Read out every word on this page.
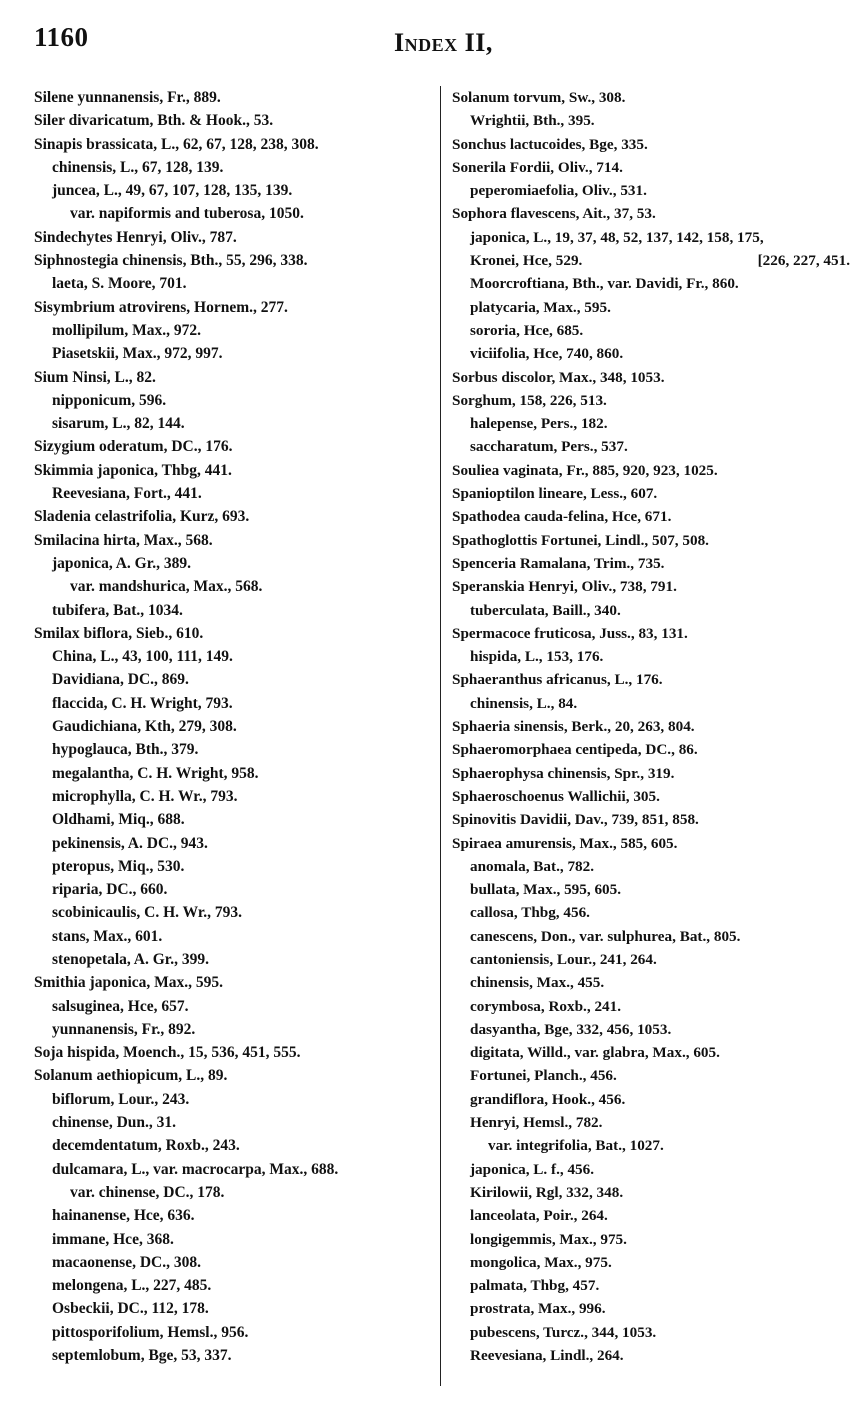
1160	Index II,
Silene yunnanensis, Fr., 889.
Siler divaricatum, Bth. & Hook., 53.
Sinapis brassicata, L., 62, 67, 128, 238, 308.
chinensis, L., 67, 128, 139.
juncea, L., 49, 67, 107, 128, 135, 139.
var. napiformis and tuberosa, 1050.
Sindechytes Henryi, Oliv., 787.
Siphnostegia chinensis, Bth., 55, 296, 338.
laeta, S. Moore, 701.
Sisymbrium atrovirens, Hornem., 277.
mollipilum, Max., 972.
Piasetskii, Max., 972, 997.
Sium Ninsi, L., 82.
nipponicum, 596.
sisarum, L., 82, 144.
Sizygium oderatum, DC., 176.
Skimmia japonica, Thbg, 441.
Reevesiana, Fort., 441.
Sladenia celastrifolia, Kurz, 693.
Smilacina hirta, Max., 568.
japonica, A. Gr., 389.
var. mandshurica, Max., 568.
tubifera, Bat., 1034.
Smilax biflora, Sieb., 610.
China, L., 43, 100, 111, 149.
Davidiana, DC., 869.
flaccida, C. H. Wright, 793.
Gaudichiana, Kth, 279, 308.
hypoglauca, Bth., 379.
megalantha, C. H. Wright, 958.
microphylla, C. H. Wr., 793.
Oldhami, Miq., 688.
pekinensis, A. DC., 943.
pteropus, Miq., 530.
riparia, DC., 660.
scobinicaulis, C. H. Wr., 793.
stans, Max., 601.
stenopetala, A. Gr., 399.
Smithia japonica, Max., 595.
salsuginea, Hce, 657.
yunnanensis, Fr., 892.
Soja hispida, Moench., 15, 536, 451, 555.
Solanum aethiopicum, L., 89.
biflorum, Lour., 243.
chinense, Dun., 31.
decemdentatum, Roxb., 243.
dulcamara, L., var. macrocarpa, Max., 688.
var. chinense, DC., 178.
hainanense, Hce, 636.
immane, Hce, 368.
macaonense, DC., 308.
melongena, L., 227, 485.
Osbeckii, DC., 112, 178.
pittosporifolium, Hemsl., 956.
septemlobum, Bge, 53, 337.
Solanum torvum, Sw., 308.
Wrightii, Bth., 395.
Sonchus lactucoides, Bge, 335.
Sonerila Fordii, Oliv., 714.
peperomiaefolia, Oliv., 531.
Sophora flavescens, Ait., 37, 53.
japonica, L., 19, 37, 48, 52, 137, 142, 158, 175,
Kronei, Hce, 529.	[226, 227, 451.
Moorcroftiana, Bth., var. Davidi, Fr., 860.
platycaria, Max., 595.
sororia, Hce, 685.
viciifolia, Hce, 740, 860.
Sorbus discolor, Max., 348, 1053.
Sorghum, 158, 226, 513.
halepense, Pers., 182.
saccharatum, Pers., 537.
Souliea vaginata, Fr., 885, 920, 923, 1025.
Spanioptilon lineare, Less., 607.
Spathodea cauda-felina, Hce, 671.
Spathoglottis Fortunei, Lindl., 507, 508.
Spenceria Ramalana, Trim., 735.
Speranskia Henryi, Oliv., 738, 791.
tuberculata, Baill., 340.
Spermacoce fruticosa, Juss., 83, 131.
hispida, L., 153, 176.
Sphaeranthus africanus, L., 176.
chinensis, L., 84.
Sphaeria sinensis, Berk., 20, 263, 804.
Sphaeromorphaea centipeda, DC., 86.
Sphaerophysa chinensis, Spr., 319.
Sphaeroschoenus Wallichii, 305.
Spinovitis Davidii, Dav., 739, 851, 858.
Spiraea amurensis, Max., 585, 605.
anomala, Bat., 782.
bullata, Max., 595, 605.
callosa, Thbg, 456.
canescens, Don., var. sulphurea, Bat., 805.
cantoniensis, Lour., 241, 264.
chinensis, Max., 455.
corymbosa, Roxb., 241.
dasyantha, Bge, 332, 456, 1053.
digitata, Willd., var. glabra, Max., 605.
Fortunei, Planch., 456.
grandiflora, Hook., 456.
Henryi, Hemsl., 782.
var. integrifolia, Bat., 1027.
japonica, L. f., 456.
Kirilowii, Rgl, 332, 348.
lanceolata, Poir., 264.
longigemmis, Max., 975.
mongolica, Max., 975.
palmata, Thbg, 457.
prostrata, Max., 996.
pubescens, Turcz., 344, 1053.
Reevesiana, Lindl., 264.
